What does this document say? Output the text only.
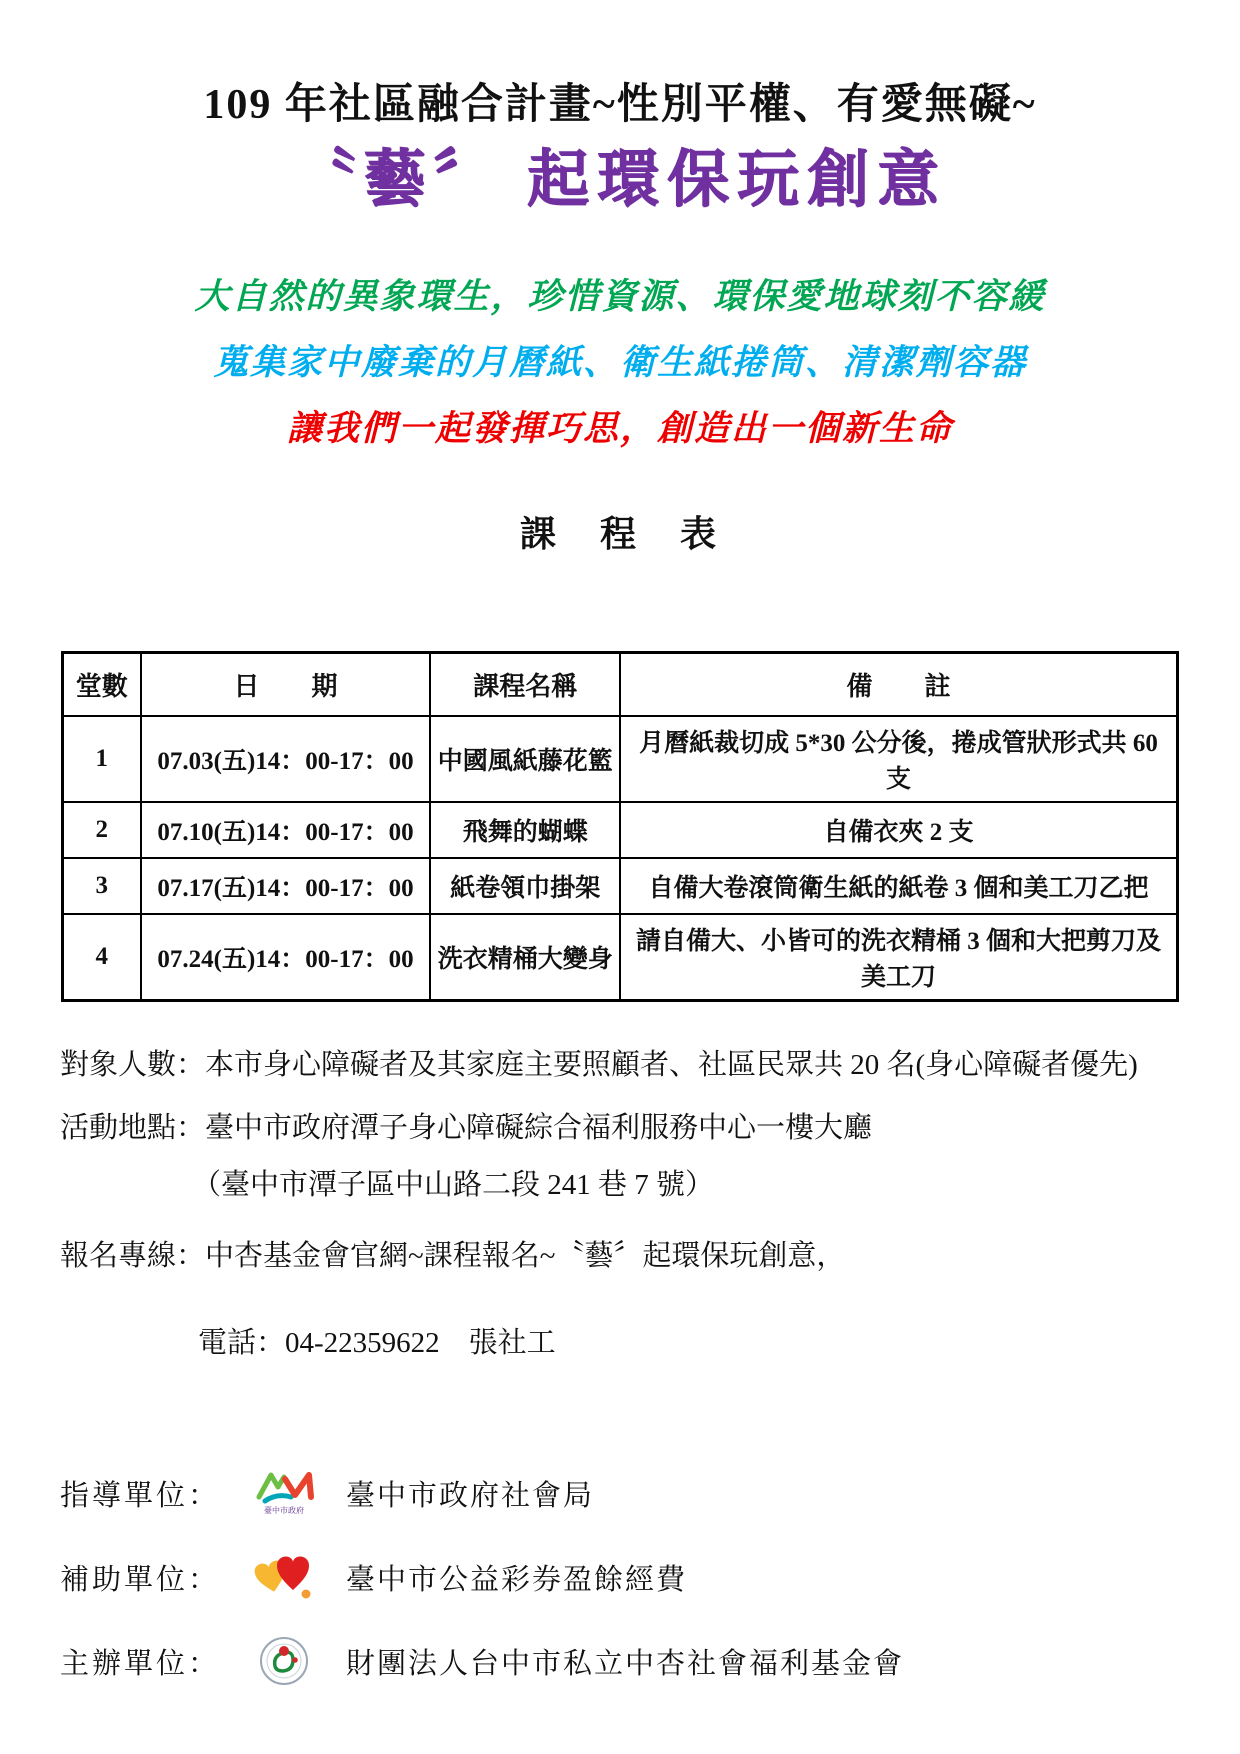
109 年社區融合計畫~性別平權、有愛無礙~
〝藝〞 起環保玩創意
大自然的異象環生，珍惜資源、環保愛地球刻不容緩
蒐集家中廢棄的月曆紙、衛生紙捲筒、清潔劑容器
讓我們一起發揮巧思，創造出一個新生命
課　程　表
堂數	日　　期	課程名稱	備　　註
1	07.03(五)14：00-17：00	中國風紙藤花籃	月曆紙裁切成 5*30 公分後，捲成管狀形式共 60 支
2	07.10(五)14：00-17：00	飛舞的蝴蝶	自備衣夾 2 支
3	07.17(五)14：00-17：00	紙卷領巾掛架	自備大卷滾筒衛生紙的紙卷 3 個和美工刀乙把
4	07.24(五)14：00-17：00	洗衣精桶大變身	請自備大、小皆可的洗衣精桶 3 個和大把剪刀及美工刀

對象人數：本市身心障礙者及其家庭主要照顧者、社區民眾共 20 名(身心障礙者優先)

活動地點：臺中市政府潭子身心障礙綜合福利服務中心一樓大廳

（臺中市潭子區中山路二段 241 巷 7 號）

報名專線：中杏基金會官網~課程報名~〝藝〞起環保玩創意，

電話：04-22359622　張社工

指導單位：	臺中市政府 臺中市政府社會局
補助單位：	臺中市公益彩券盈餘經費
主辦單位：	財團法人台中市私立中杏社會福利基金會
